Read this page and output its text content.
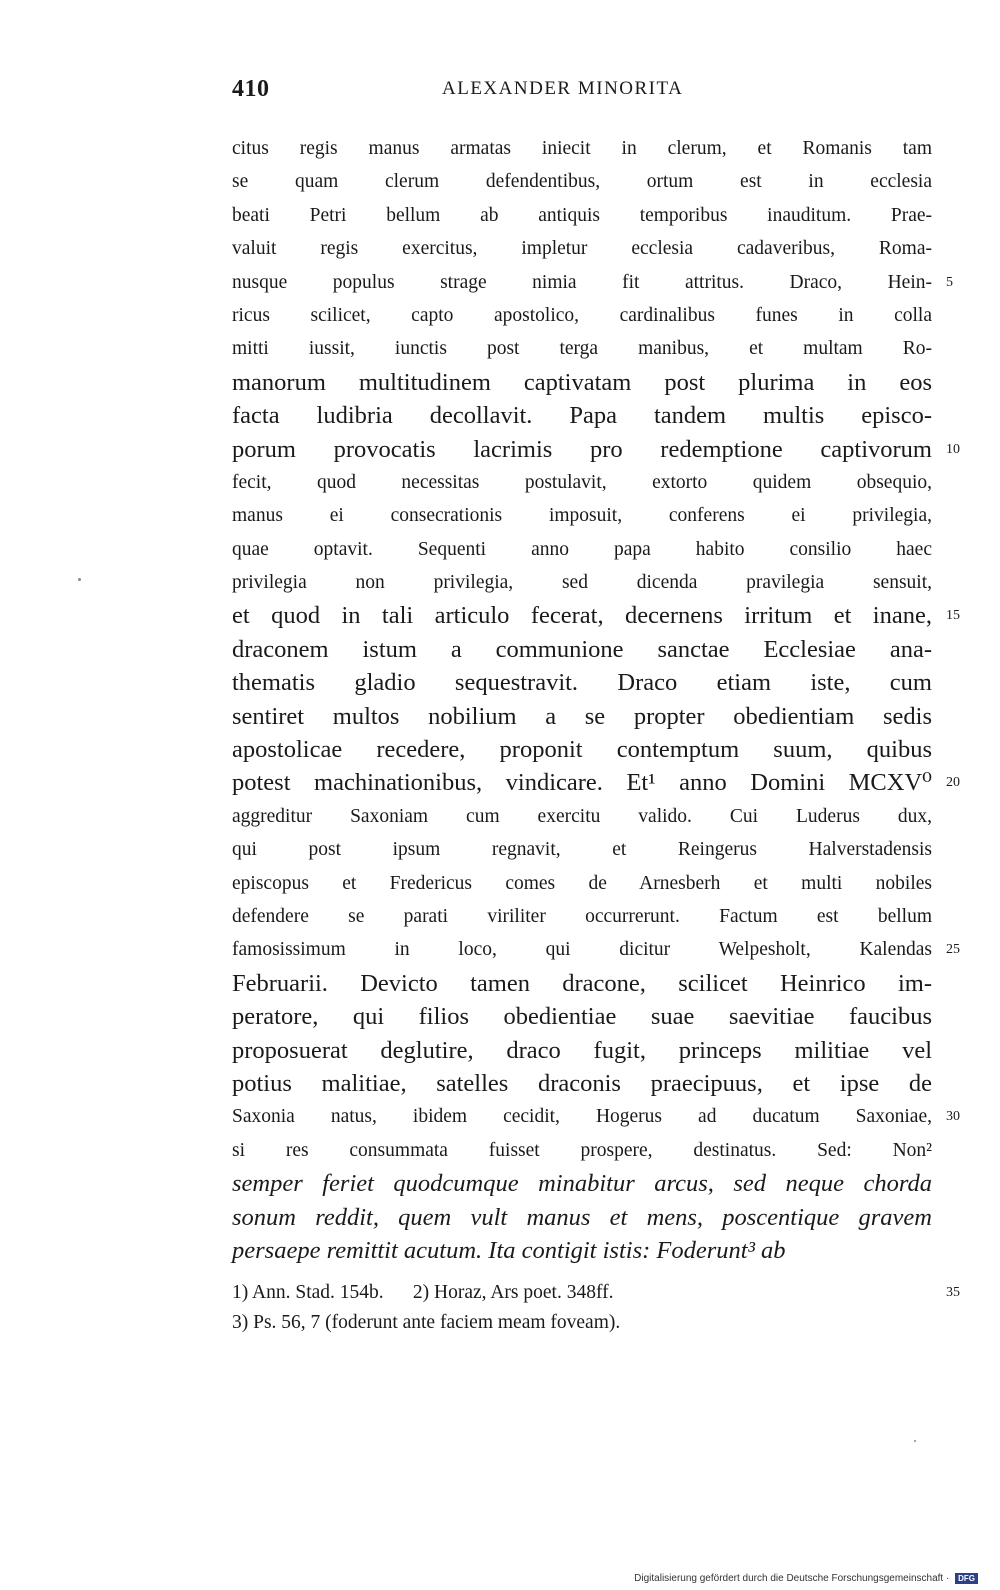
410	ALEXANDER MINORITA
citus regis manus armatas iniecit in clerum, et Romanis tam
se quam clerum defendentibus, ortum est in ecclesia
beati Petri bellum ab antiquis temporibus inauditum. Prae-
valuit regis exercitus, impletur ecclesia cadaveribus, Roma-
nusque populus strage nimia fit attritus. Draco, Hein- 5
ricus scilicet, capto apostolico, cardinalibus funes in colla
mitti iussit, iunctis post terga manibus, et multam Ro-
manorum multitudinem captivatam post plurima in eos
facta ludibria decollavit. Papa tandem multis episco-
porum provocatis lacrimis pro redemptione captivorum 10
fecit, quod necessitas postulavit, extorto quidem obsequio,
manus ei consecrationis imposuit, conferens ei privilegia,
quae optavit. Sequenti anno papa habito consilio haec
privilegia non privilegia, sed dicenda pravilegia sensuit,
et quod in tali articulo fecerat, decernens irritum et inane, 15
draconem istum a communione sanctae Ecclesiae ana-
thematis gladio sequestravit. Draco etiam iste, cum
sentiret multos nobilium a se propter obedientiam sedis
apostolicae recedere, proponit contemptum suum, quibus
potest machinationibus, vindicare. Et¹ anno Domini MCXV⁰ 20
aggreditur Saxoniam cum exercitu valido. Cui Luderus dux,
qui post ipsum regnavit, et Reingerus Halverstadensis
episcopus et Fredericus comes de Arnesberh et multi nobiles
defendere se parati viriliter occurrerunt. Factum est bellum
famosissimum in loco, qui dicitur Welpesholt, Kalendas 25
Februarii. Devicto tamen dracone, scilicet Heinrico im-
peratore, qui filios obedientiae suae saevitiae faucibus
proposuerat deglutire, draco fugit, princeps militiae vel
potius malitiae, satelles draconis praecipuus, et ipse de
Saxonia natus, ibidem cecidit, Hogerus ad ducatum Saxoniae, 30
si res consummata fuisset prospere, destinatus. Sed: Non²
semper feriet quodcumque minabitur arcus, sed neque chorda
sonum reddit, quem vult manus et mens, poscentique gravem
persaepe remittit acutum. Ita contigit istis: Foderunt³ ab
1) Ann. Stad. 154b.      2) Horaz, Ars poet. 348ff.	35
3) Ps. 56, 7 (foderunt ante faciem meam foveam).
Digitalisierung gefördert durch die Deutsche Forschungsgemeinschaft · DFG
